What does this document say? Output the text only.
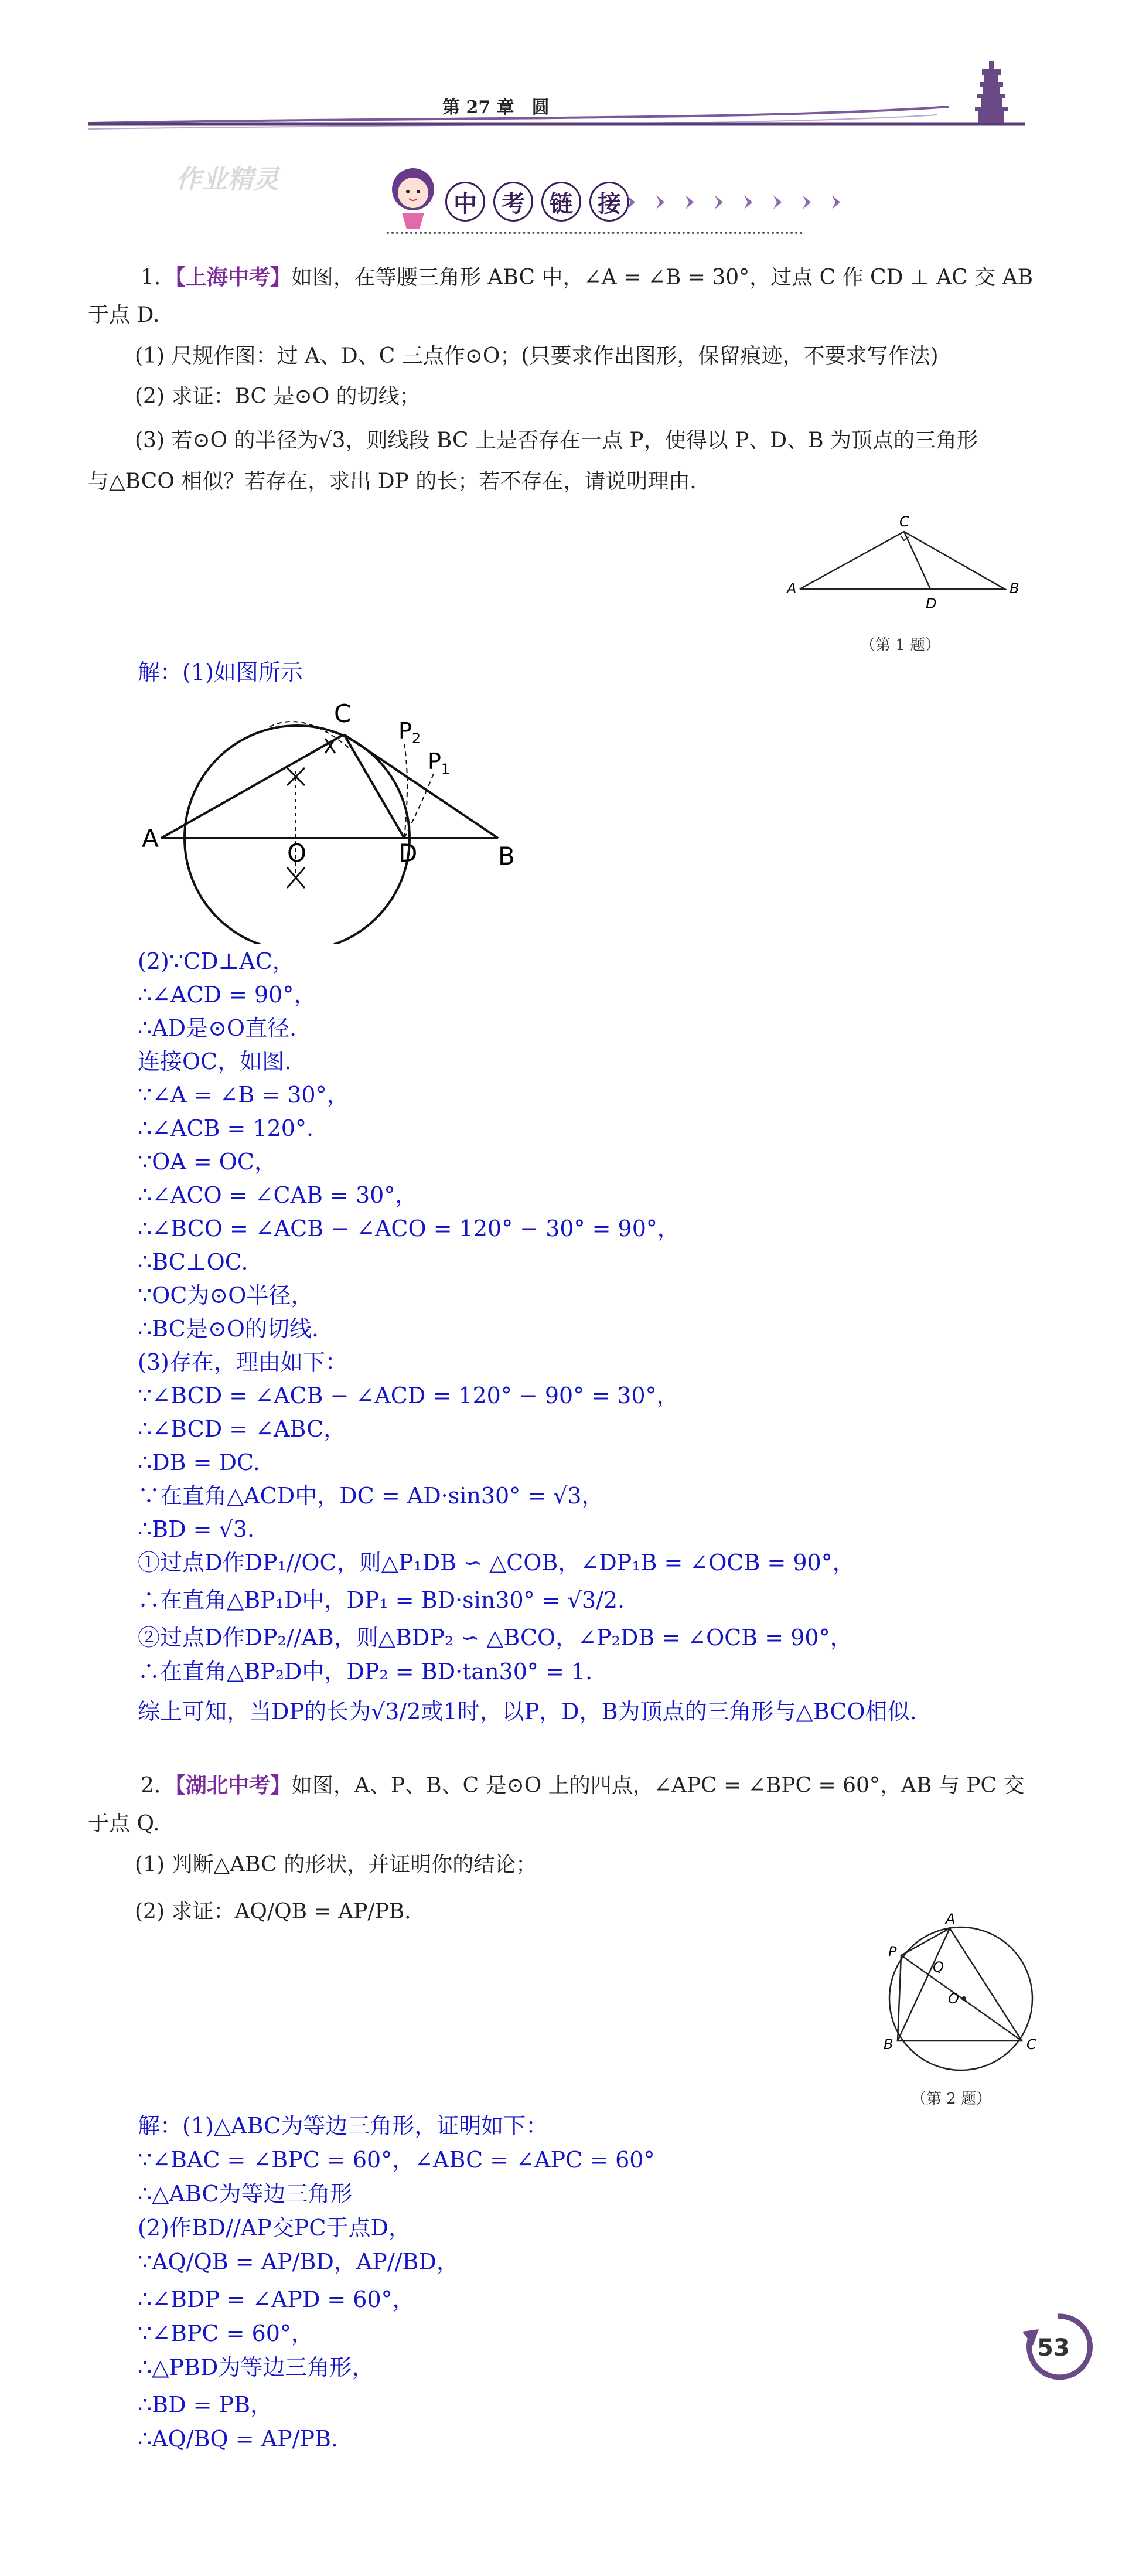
第 27 章　圆
作业精灵
中	考	链	接
1．【上海中考】如图，在等腰三角形 ABC 中，∠A = ∠B = 30°，过点 C 作 CD ⊥ AC 交 AB
于点 D.
(1) 尺规作图：过 A、D、C 三点作⊙O；(只要求作出图形，保留痕迹，不要求写作法)
(2) 求证：BC 是⊙O 的切线；
(3) 若⊙O 的半径为√3，则线段 BC 上是否存在一点 P，使得以 P、D、B 为顶点的三角形
与△BCO 相似？若存在，求出 DP 的长；若不存在，请说明理由.
C
A	B
D
（第 1 题）
解：(1)如图所示
C
A
O	D	B
$P_2$
$P_1$
(2)∵CD⊥AC，
∴∠ACD = 90°，
∴AD是⊙O直径.
连接OC，如图.
∵∠A = ∠B = 30°，
∴∠ACB = 120°.
∵OA = OC，
∴∠ACO = ∠CAB = 30°，
∴∠BCO = ∠ACB − ∠ACO = 120° − 30° = 90°，
∴BC⊥OC.
∵OC为⊙O半径，
∴BC是⊙O的切线.
(3)存在，理由如下：
∵∠BCD = ∠ACB − ∠ACD = 120° − 90° = 30°，
∴∠BCD = ∠ABC，
∴DB = DC.
∵在直角△ACD中，DC = AD·sin30° = √3，
∴BD = √3.
①过点D作DP₁//OC，则△P₁DB ∽ △COB，∠DP₁B = ∠OCB = 90°，
∴在直角△BP₁D中，DP₁ = BD·sin30° = √3/2.
②过点D作DP₂//AB，则△BDP₂ ∽ △BCO，∠P₂DB = ∠OCB = 90°，
∴在直角△BP₂D中，DP₂ = BD·tan30° = 1.
综上可知，当DP的长为√3/2或1时，以P，D，B为顶点的三角形与△BCO相似.
2．【湖北中考】如图，A、P、B、C 是⊙O 上的四点，∠APC = ∠BPC = 60°，AB 与 PC 交
于点 Q.
(1) 判断△ABC 的形状，并证明你的结论；
(2) 求证：AQ/QB = AP/PB.	A
P
Q
O
B	C
（第 2 题）
解：(1)△ABC为等边三角形，证明如下：
∵∠BAC = ∠BPC = 60°，∠ABC = ∠APC = 60°
∴△ABC为等边三角形
(2)作BD//AP交PC于点D，
∵AQ/QB = AP/BD，AP//BD，
∴∠BDP = ∠APD = 60°，
∵∠BPC = 60°，
∴△PBD为等边三角形，
∴BD = PB，
∴AQ/BQ = AP/PB.
53
